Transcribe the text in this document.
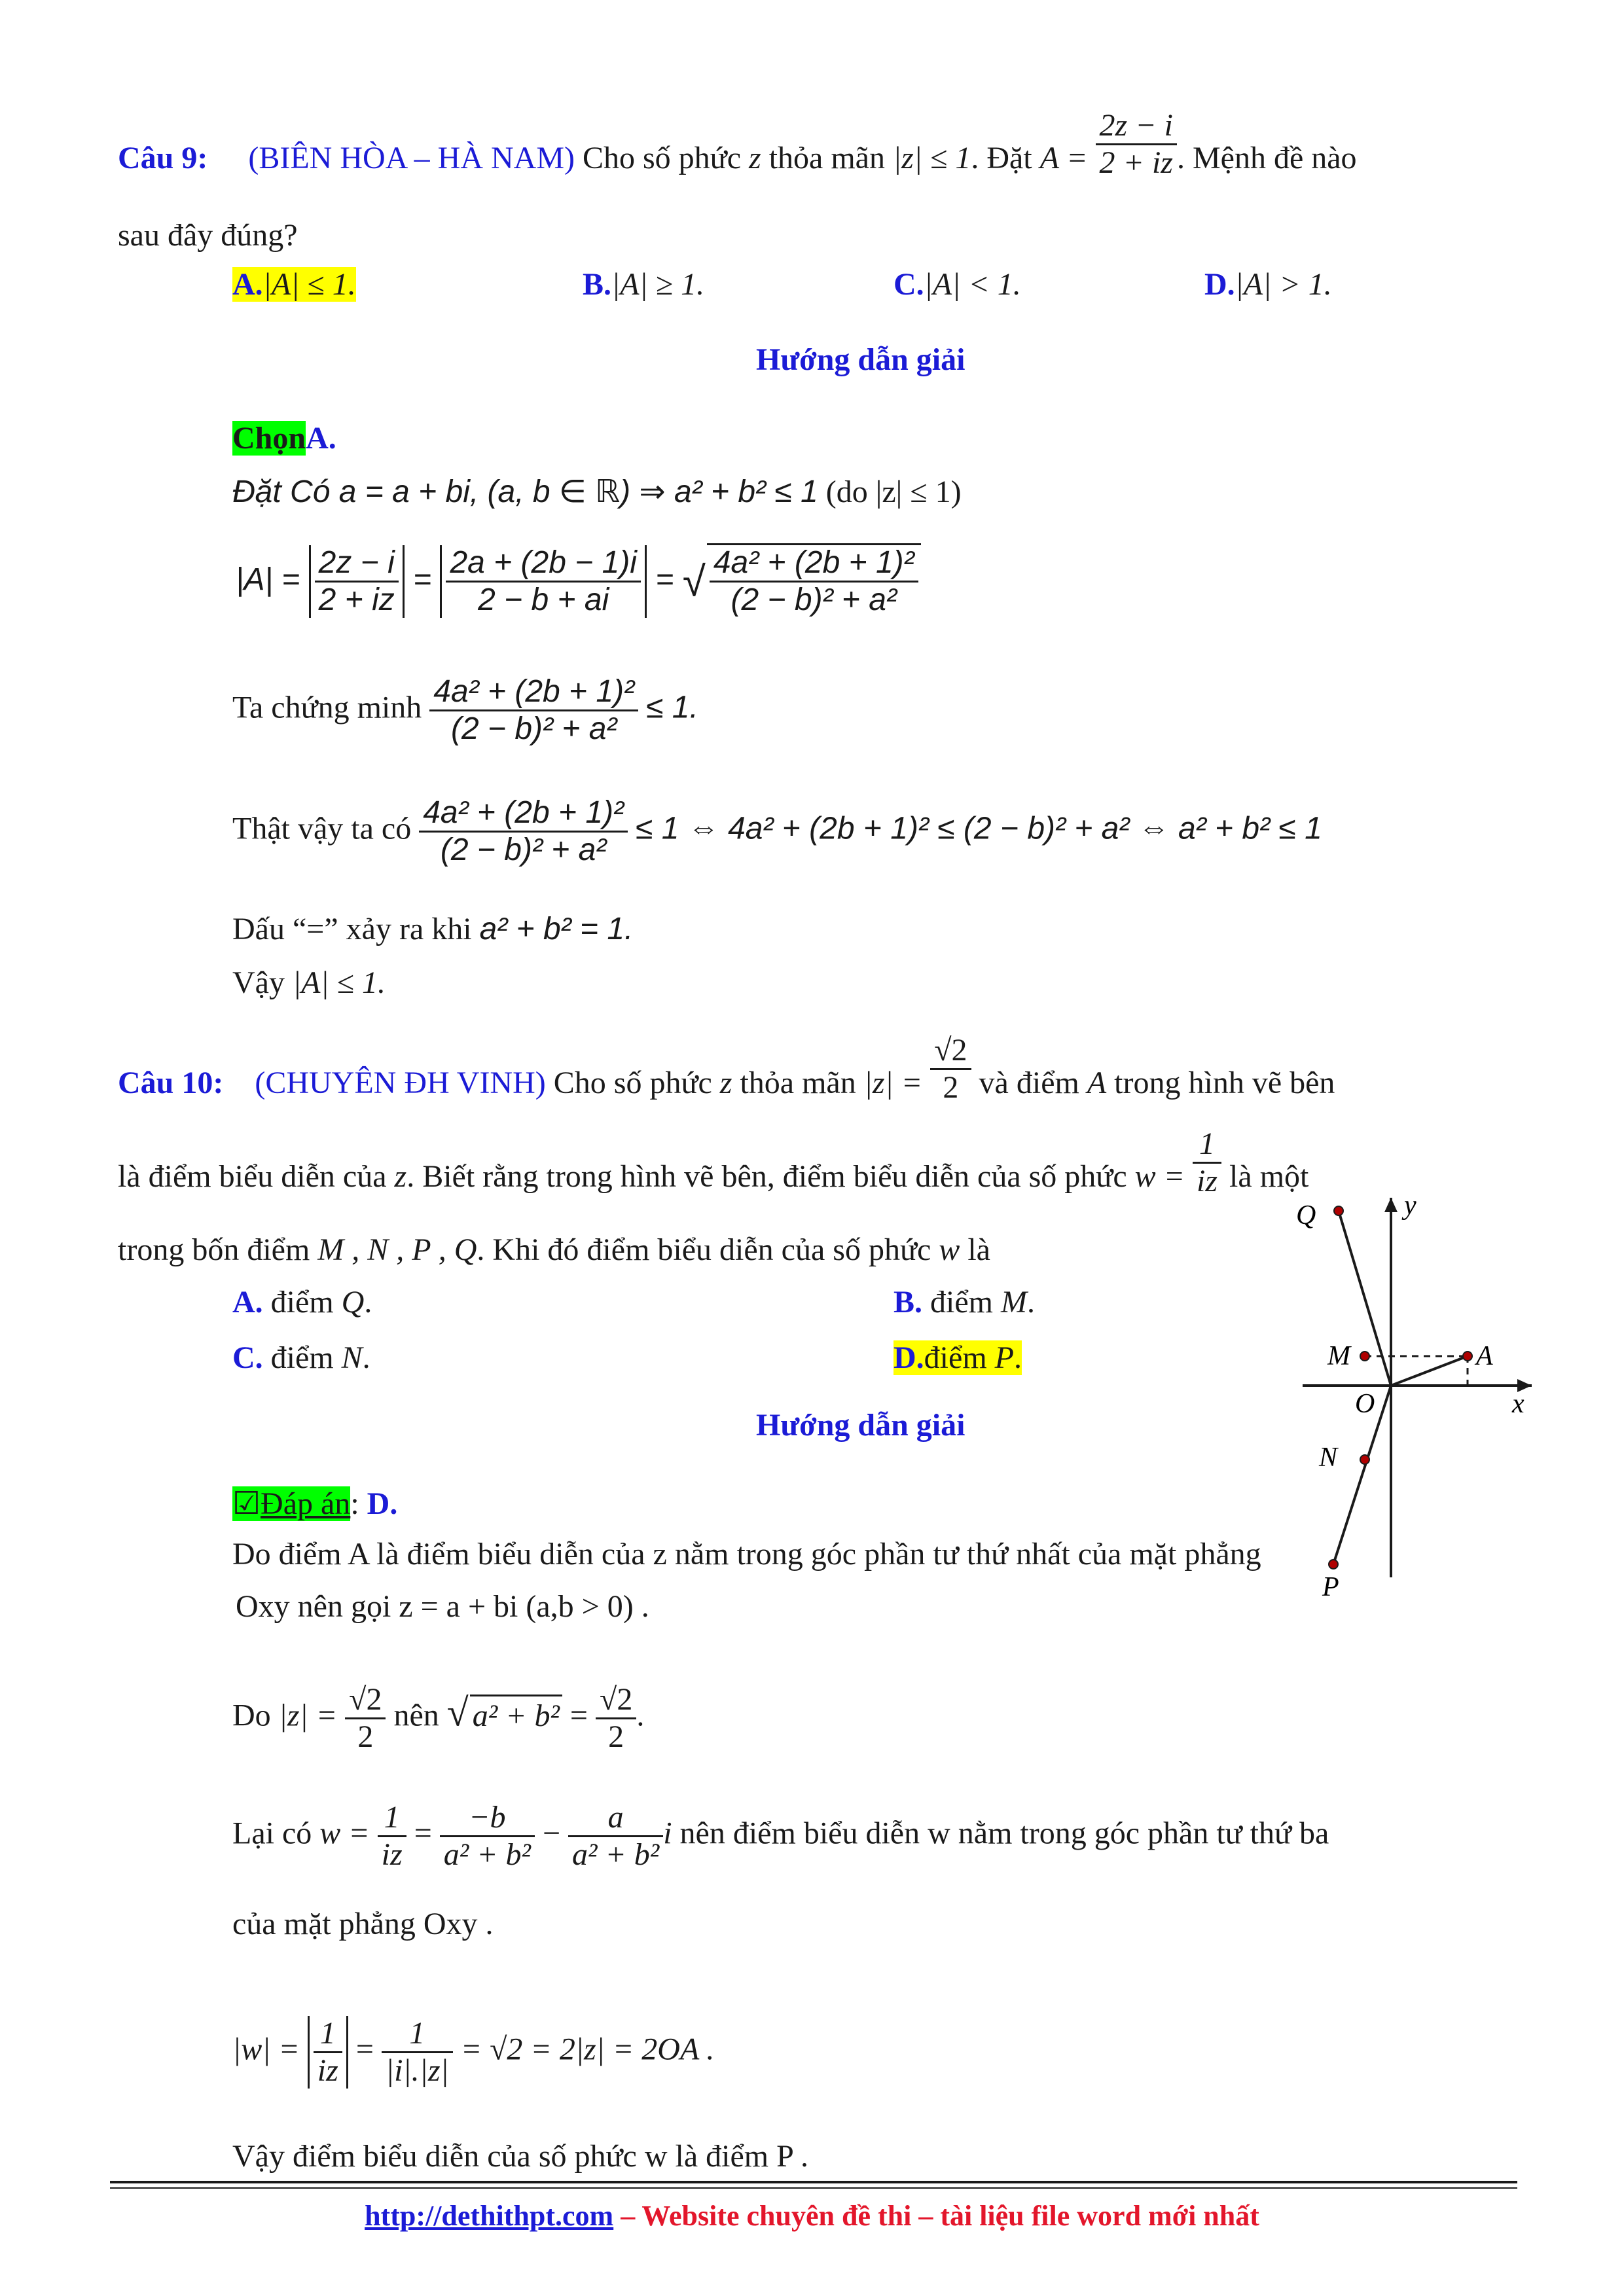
Câu 9: (BIÊN HÒA – HÀ NAM) Cho số phức z thỏa mãn |z| ≤ 1. Đặt $A = \frac{2z - i}{2 + iz}$ . Mệnh đề nào
sau đây đúng?
A.|A| ≤ 1.	B.|A| ≥ 1.	C.|A| < 1.	D.|A| > 1.
Hướng dẫn giải
ChọnA.
Đặt Có a = a + bi, (a, b ∈ ℝ) ⇒ a² + b² ≤ 1 (do |z| ≤ 1)
$|A| = \frac{2z - i}{2 + iz} = \frac{2a + (2b - 1)i}{2 - b + ai}$ = √ $\frac{\text{4a² + (2b + 1)²}}{\text{(2 − b)² + a²}}$
Ta chứng minh $\frac{\text{4a² + (2b + 1)²}}{\text{(2 − b)² + a²}} \le 1$.
Thật vậy ta có $\frac{\text{4a² + (2b + 1)²}}{\text{(2 − b)² + a²}} \le 1$ ⇔ 4a² + (2b + 1)² ≤ (2 − b)² + a² ⇔ a² + b² ≤ 1
Dấu “=” xảy ra khi a² + b² = 1.
Vậy |A| ≤ 1.
Câu 10: (CHUYÊN ĐH VINH) Cho số phức z thỏa mãn $|z| = \frac{√2}{2}$ và điểm A trong hình vẽ bên
là điểm biểu diễn của z. Biết rằng trong hình vẽ bên, điểm biểu diễn của số phức $w = \frac{1}{iz}$ là một
trong bốn điểm M , N , P , Q. Khi đó điểm biểu diễn của số phức w là
A. điểm Q.	B. điểm M.
C. điểm N.	D.điểm P.
Hướng dẫn giải
☑Đáp án: D.
Do điểm A là điểm biểu diễn của z nằm trong góc phần tư thứ nhất của mặt phẳng
Oxy nên gọi z = a + bi (a,b > 0) .
Do $|z| = \frac{√2}{2}$ nên √ $a^2 + b^2 = \frac{√2}{2}$ .
Lại có $w = \frac{1}{iz} = \frac{-b}{\text{a² + b²}} - \frac{a}{\text{a² + b²}}$ i nên điểm biểu diễn w nằm trong góc phần tư thứ ba
của mặt phẳng Oxy .
$|w| = \frac{1}{iz} = \frac{1}{|i|.|z|} = √2 = 2|z| = 2OA$ .
Vậy điểm biểu diễn của số phức w là điểm P .
Q	y
M	A
O	x
N
P
http://dethithpt.com – Website chuyên đề thi – tài liệu file word mới nhất
